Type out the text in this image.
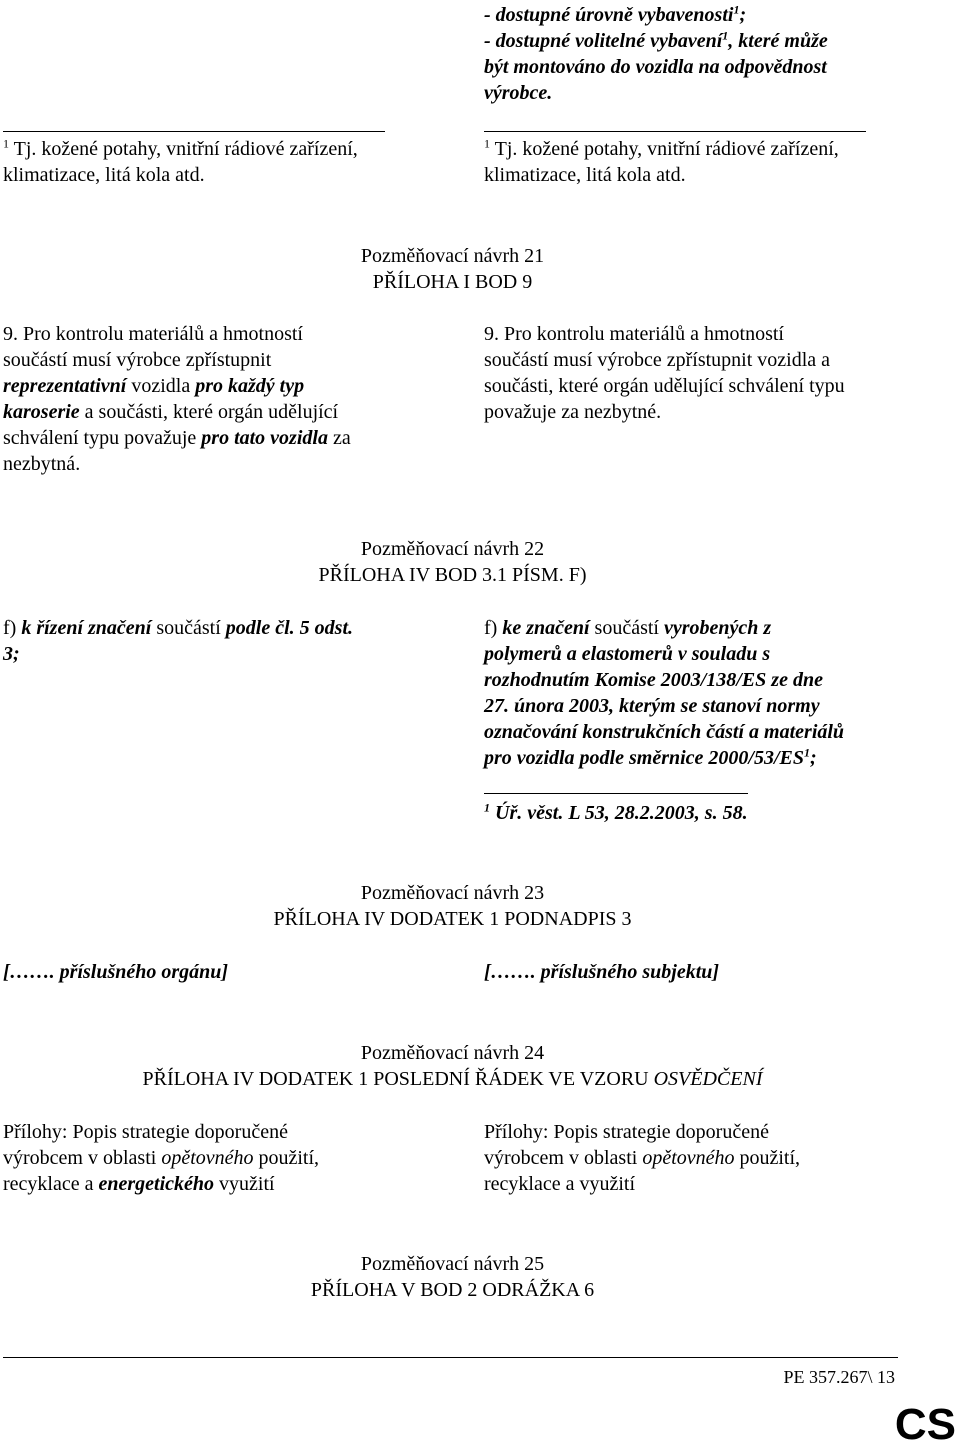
- dostupné úrovně vybavenosti$^1$;
- dostupné volitelné vybavení$^1$, které může
být montováno do vozidla na odpovědnost
výrobce.
$^1$ Tj. kožené potahy, vnitřní rádiové zařízení,
klimatizace, litá kola atd.
$^1$ Tj. kožené potahy, vnitřní rádiové zařízení,
klimatizace, litá kola atd.
Pozměňovací návrh 21
PŘÍLOHA I BOD 9
9. Pro kontrolu materiálů a hmotností
součástí musí výrobce zpřístupnit
reprezentativní vozidla pro každý typ
karoserie a součásti, které orgán udělující
schválení typu považuje pro tato vozidla za
nezbytná.
9. Pro kontrolu materiálů a hmotností
součástí musí výrobce zpřístupnit vozidla a
součásti, které orgán udělující schválení typu
považuje za nezbytné.
Pozměňovací návrh 22
PŘÍLOHA IV BOD 3.1 PÍSM. F)
f) k řízení značení součástí podle čl. 5 odst.
3;
f) ke značení součástí vyrobených z
polymerů a elastomerů v souladu s
rozhodnutím Komise 2003/138/ES ze dne
27. února 2003, kterým se stanoví normy
označování konstrukčních částí a materiálů
pro vozidla podle směrnice $2000/53/ES^1$;
$^1$ Úř. věst. L 53, 28.2.2003, s. 58.
Pozměňovací návrh 23
PŘÍLOHA IV DODATEK 1 PODNADPIS 3
[……. příslušného orgánu]	[……. příslušného subjektu]
Pozměňovací návrh 24
PŘÍLOHA IV DODATEK 1 POSLEDNÍ ŘÁDEK VE VZORU OSVĚDČENÍ
Přílohy: Popis strategie doporučené
výrobcem v oblasti opětovného použití,
recyklace a energetického využití
Přílohy: Popis strategie doporučené
výrobcem v oblasti opětovného použití,
recyklace a využití
Pozměňovací návrh 25
PŘÍLOHA V BOD 2 ODRÁŽKA 6
PE 357.267\ 13
CS
